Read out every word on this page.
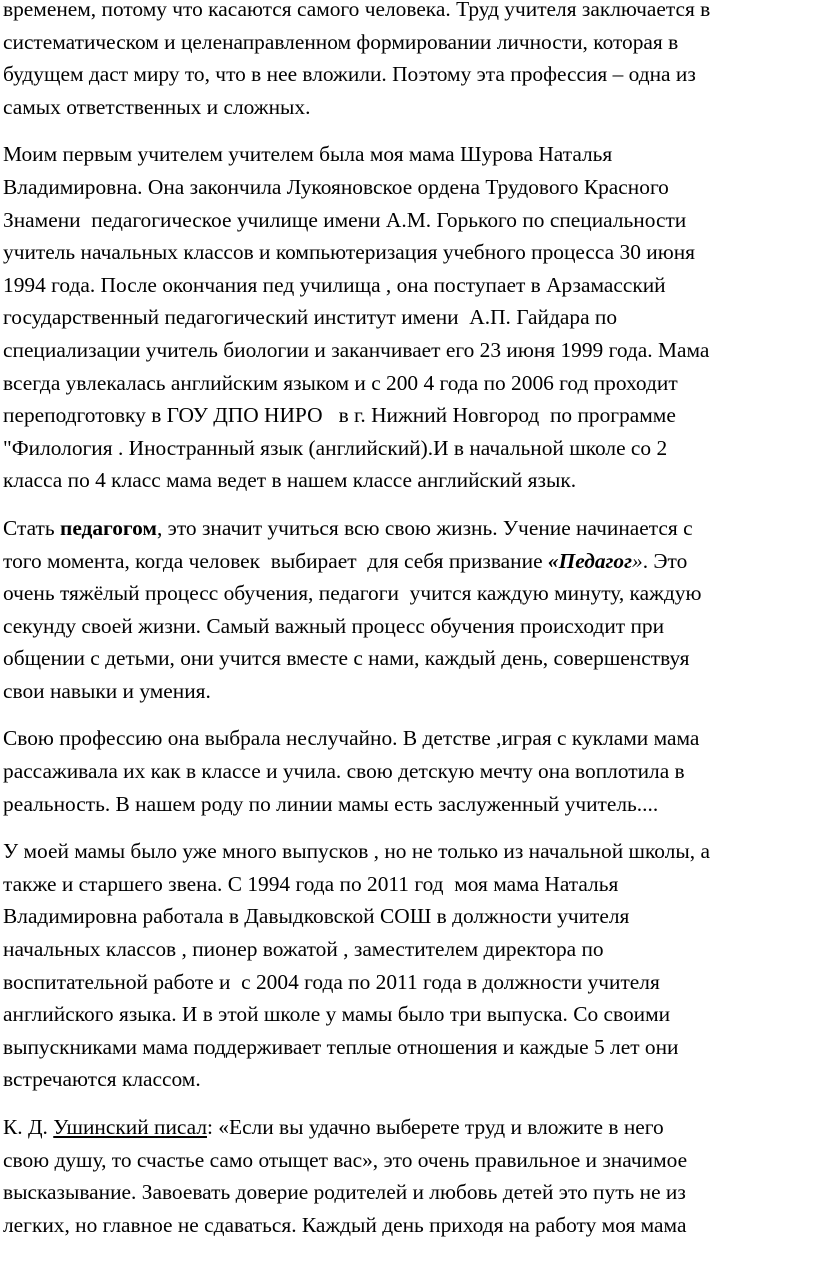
временем, потому что касаются самого человека. Труд учителя заключается в
систематическом и целенаправленном формировании личности, которая в
будущем даст миру то, что в нее вложили. Поэтому эта профессия – одна из
самых ответственных и сложных.

Моим первым учителем учителем была моя мама Шурова Наталья
Владимировна. Она закончила Лукояновское ордена Трудового Красного
Знамени  педагогическое училище имени А.М. Горького по специальности
учитель начальных классов и компьютеризация учебного процесса 30 июня
1994 года. После окончания пед училища , она поступает в Арзамасский
государственный педагогический институт имени  А.П. Гайдара по
специализации учитель биологии и заканчивает его 23 июня 1999 года. Мама
всегда увлекалась английским языком и с 200 4 года по 2006 год проходит
переподготовку в ГОУ ДПО НИРО   в г. Нижний Новгород  по программе
"Филология . Иностранный язык (английский).И в начальной школе со 2
класса по 4 класс мама ведет в нашем классе английский язык.

Стать педагогом, это значит учиться всю свою жизнь. Учение начинается с
того момента, когда человек  выбирает  для себя призвание «Педагог». Это
очень тяжёлый процесс обучения, педагоги  учится каждую минуту, каждую
секунду своей жизни. Самый важный процесс обучения происходит при
общении с детьми, они учится вместе с нами, каждый день, совершенствуя
свои навыки и умения.

Свою профессию она выбрала неслучайно. В детстве ,играя с куклами мама
рассаживала их как в классе и учила. свою детскую мечту она воплотила в
реальность. В нашем роду по линии мамы есть заслуженный учитель....

У моей мамы было уже много выпусков , но не только из начальной школы, а
также и старшего звена. С 1994 года по 2011 год  моя мама Наталья
Владимировна работала в Давыдковской СОШ в должности учителя
начальных классов , пионер вожатой , заместителем директора по
воспитательной работе и  с 2004 года по 2011 года в должности учителя
английского языка. И в этой школе у мамы было три выпуска. Со своими
выпускниками мама поддерживает теплые отношения и каждые 5 лет они
встречаются классом.

К. Д. Ушинский писал: «Если вы удачно выберете труд и вложите в него
свою душу, то счастье само отыщет вас», это очень правильное и значимое
высказывание. Завоевать доверие родителей и любовь детей это путь не из
легких, но главное не сдаваться. Каждый день приходя на работу моя мама
